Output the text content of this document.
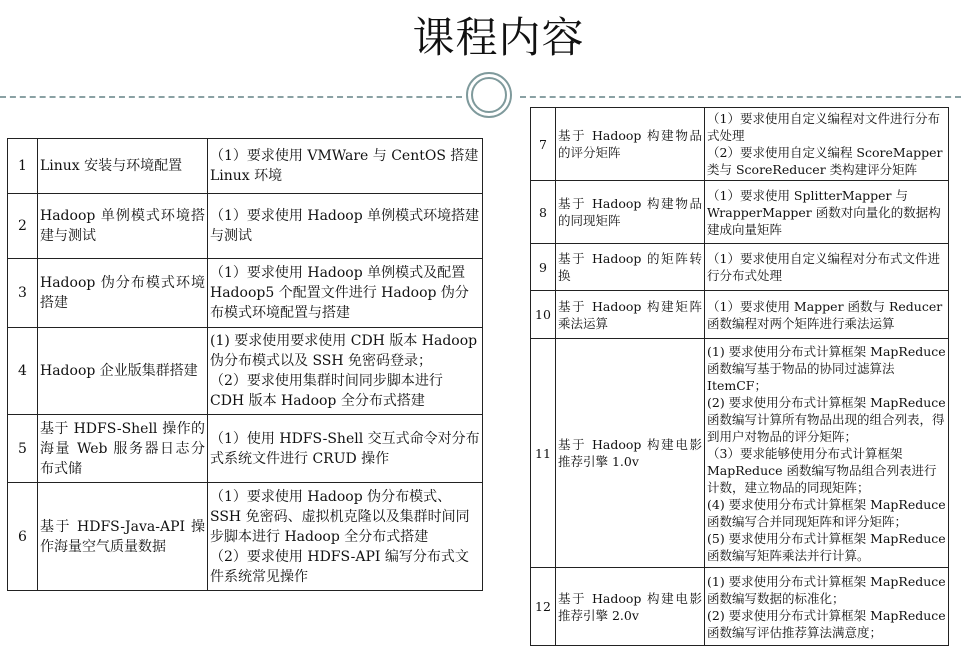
课程内容
1	Linux 安装与环境配置	（1）要求使用 VMWare 与 CentOS 搭建 Linux 环境

2	Hadoop 单例模式环境搭建与测试	（1）要求使用 Hadoop 单例模式环境搭建与测试

3	Hadoop 伪分布模式环境搭建	（1）要求使用 Hadoop 单例模式及配置 Hadoop5 个配置文件进行 Hadoop 伪分布模式环境配置与搭建

4	Hadoop 企业版集群搭建	(1) 要求使用要求使用 CDH 版本 Hadoop 伪分布模式以及 SSH 免密码登录；
（2）要求使用集群时间同步脚本进行 CDH 版本 Hadoop 全分布式搭建

5	基于 HDFS-Shell 操作的海量 Web 服务器日志分布式储	（1）使用 HDFS-Shell 交互式命令对分布式系统文件进行 CRUD 操作

6	基于 HDFS-Java-API 操作海量空气质量数据	（1）要求使用 Hadoop 伪分布模式、SSH 免密码、虚拟机克隆以及集群时间同步脚本进行 Hadoop 全分布式搭建
（2）要求使用 HDFS-API 编写分布式文件系统常见操作
7	基于 Hadoop 构建物品的评分矩阵	（1）要求使用自定义编程对文件进行分布式处理
（2）要求使用自定义编程 ScoreMapper 类与 ScoreReducer 类构建评分矩阵

8	基于 Hadoop 构建物品的同现矩阵	（1）要求使用 SplitterMapper 与 WrapperMapper 函数对向量化的数据构建成向量矩阵

9	基于 Hadoop 的矩阵转换	（1）要求使用自定义编程对分布式文件进行分布式处理

10	基于 Hadoop 构建矩阵乘法运算	（1）要求使用 Mapper 函数与 Reducer 函数编程对两个矩阵进行乘法运算

11	基于 Hadoop 构建电影推荐引擎 1.0v	(1) 要求使用分布式计算框架 MapReduce 函数编写基于物品的协同过滤算法 ItemCF；
(2) 要求使用分布式计算框架 MapReduce 函数编写计算所有物品出现的组合列表，得到用户对物品的评分矩阵；
（3）要求能够使用分布式计算框架 MapReduce 函数编写物品组合列表进行计数，建立物品的同现矩阵；
(4) 要求使用分布式计算框架 MapReduce 函数编写合并同现矩阵和评分矩阵；
(5) 要求使用分布式计算框架 MapReduce 函数编写矩阵乘法并行计算。

12	基于 Hadoop 构建电影推荐引擎 2.0v	(1) 要求使用分布式计算框架 MapReduce 函数编写数据的标准化；
(2) 要求使用分布式计算框架 MapReduce 函数编写评估推荐算法满意度；
